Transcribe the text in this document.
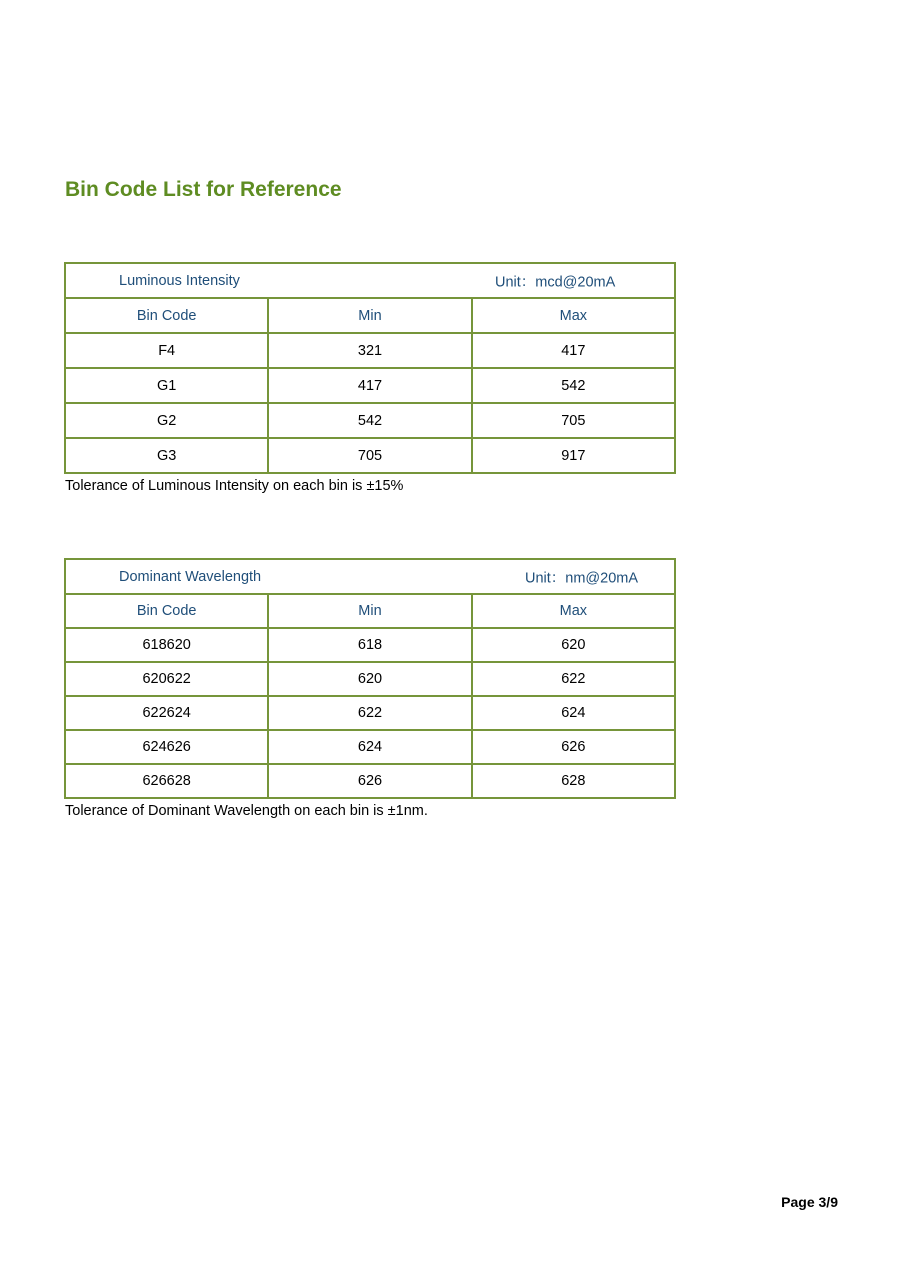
Bin Code List for Reference
Luminous Intensity Unit：mcd@20mA		

Bin Code	Min	Max
F4	321	417
G1	417	542
G2	542	705
G3	705	917

Tolerance of Luminous Intensity on each bin is ±15%

Dominant Wavelength Unit：nm@20mA		

Bin Code	Min	Max
618620	618	620
620622	620	622
622624	622	624
624626	624	626
626628	626	628

Tolerance of Dominant Wavelength on each bin is ±1nm.

Page 3/9
